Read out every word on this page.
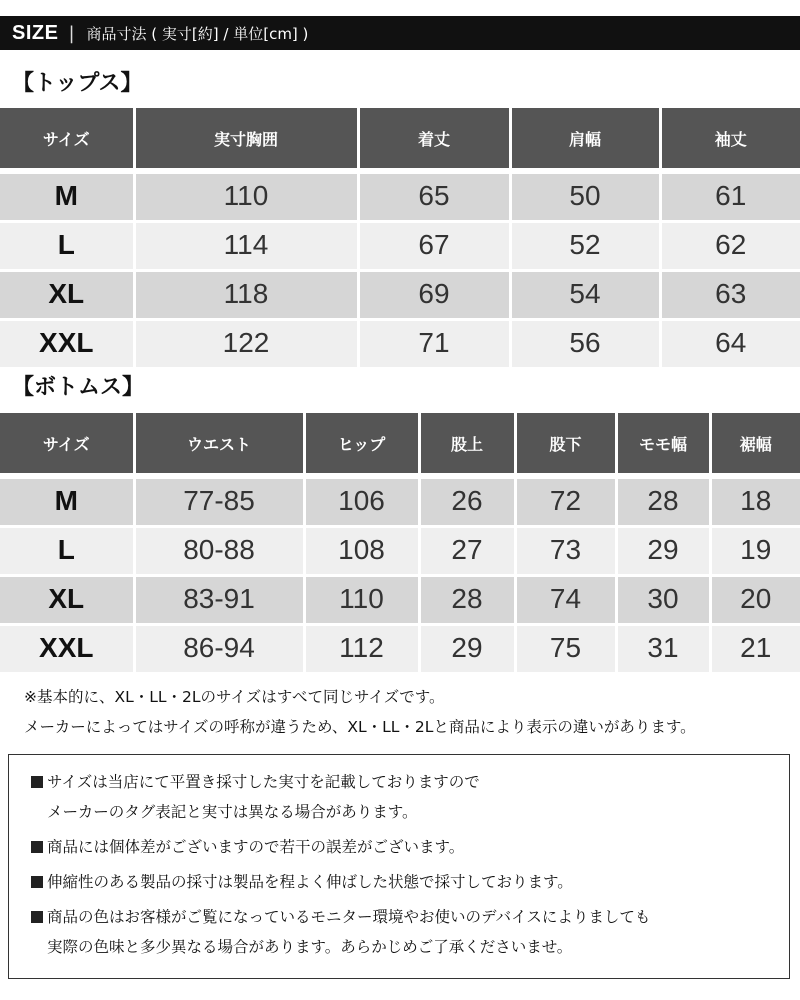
SIZE | 商品寸法 ( 実寸[約] / 単位[cm] )
【トップス】
サイズ	実寸胸囲	着丈	肩幅	袖丈
M	110	65	50	61
L	114	67	52	62
XL	118	69	54	63
XXL	122	71	56	64
【ボトムス】
サイズ	ウエスト	ヒップ	股上	股下	モモ幅	裾幅
M	77-85	106	26	72	28	18
L	80-88	108	27	73	29	19
XL	83-91	110	28	74	30	20
XXL	86-94	112	29	75	31	21
※基本的に、XL・LL・2Lのサイズはすべて同じサイズです。
メーカーによってはサイズの呼称が違うため、XL・LL・2Lと商品により表示の違いがあります。
サイズは当店にて平置き採寸した実寸を記載しておりますので
メーカーのタグ表記と実寸は異なる場合があります。
商品には個体差がございますので若干の誤差がございます。
伸縮性のある製品の採寸は製品を程よく伸ばした状態で採寸しております。
商品の色はお客様がご覧になっているモニター環境やお使いのデバイスによりましても
実際の色味と多少異なる場合があります。あらかじめご了承くださいませ。
